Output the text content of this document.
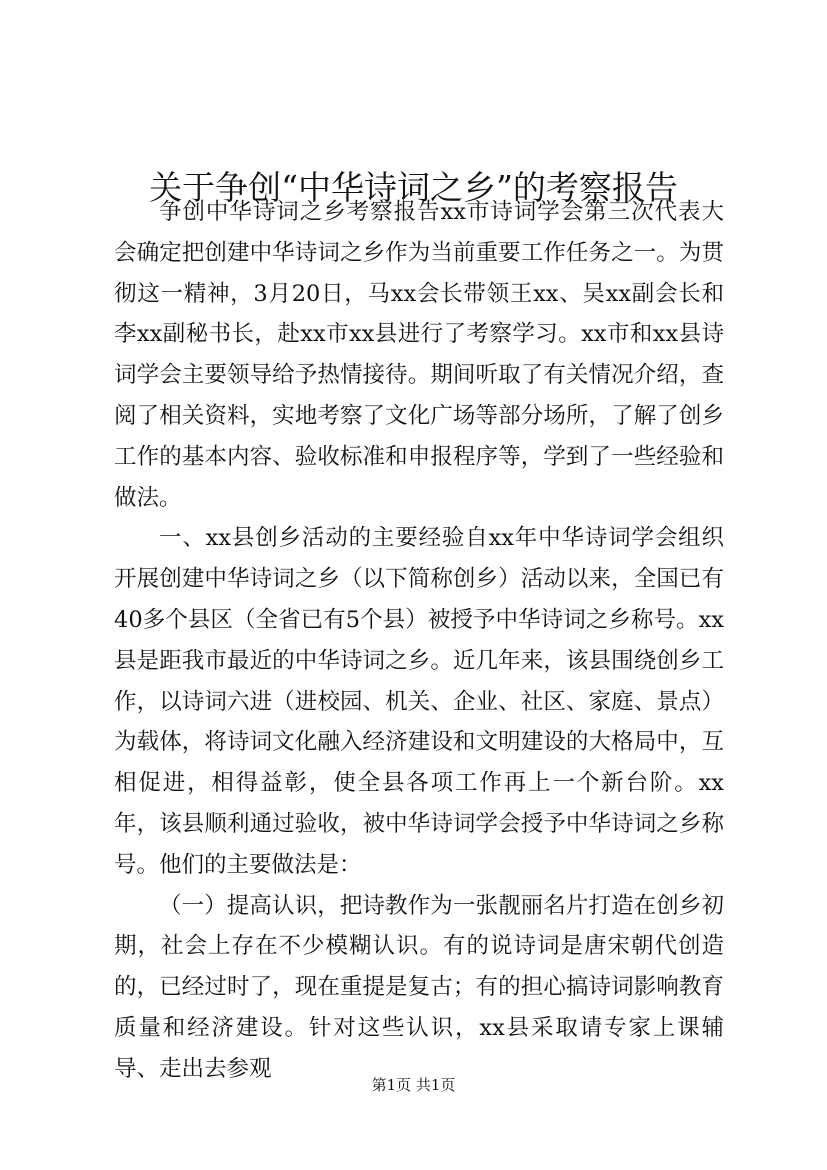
关于争创“中华诗词之乡”的考察报告

争创中华诗词之乡考察报告xx市诗词学会第三次代表大会确定把创建中华诗词之乡作为当前重要工作任务之一。为贯彻这一精神，3月20日，马xx会长带领王xx、吴xx副会长和李xx副秘书长，赴xx市xx县进行了考察学习。xx市和xx县诗词学会主要领导给予热情接待。期间听取了有关情况介绍，查阅了相关资料，实地考察了文化广场等部分场所，了解了创乡工作的基本内容、验收标准和申报程序等，学到了一些经验和做法。

一、xx县创乡活动的主要经验自xx年中华诗词学会组织开展创建中华诗词之乡（以下简称创乡）活动以来，全国已有40多个县区（全省已有5个县）被授予中华诗词之乡称号。xx县是距我市最近的中华诗词之乡。近几年来，该县围绕创乡工作，以诗词六进（进校园、机关、企业、社区、家庭、景点）为载体，将诗词文化融入经济建设和文明建设的大格局中，互相促进，相得益彰，使全县各项工作再上一个新台阶。xx年，该县顺利通过验收，被中华诗词学会授予中华诗词之乡称号。他们的主要做法是：

（一）提高认识，把诗教作为一张靓丽名片打造在创乡初期，社会上存在不少模糊认识。有的说诗词是唐宋朝代创造的，已经过时了，现在重提是复古；有的担心搞诗词影响教育质量和经济建设。针对这些认识，xx县采取请专家上课辅导、走出去参观

第1页 共1页
